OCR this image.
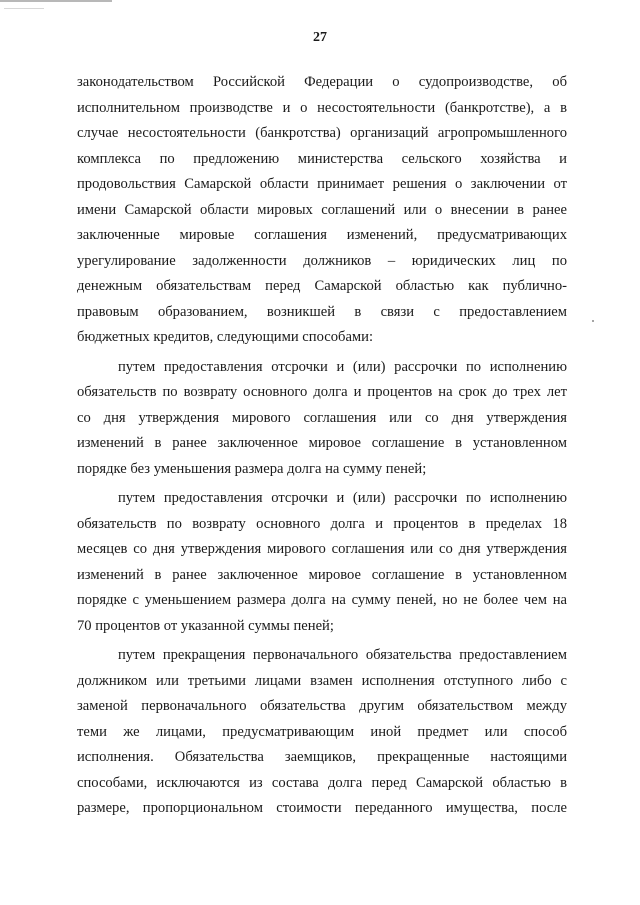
27
законодательством Российской Федерации о судопроизводстве, об
исполнительном производстве и о несостоятельности (банкротстве), а в
случае несостоятельности (банкротства) организаций агропромышленного
комплекса по предложению министерства сельского хозяйства и
продовольствия Самарской области принимает решения о заключении от
имени Самарской области мировых соглашений или о внесении в ранее
заключенные мировые соглашения изменений, предусматривающих
урегулирование задолженности должников – юридических лиц по
денежным обязательствам перед Самарской областью как публично-
правовым образованием, возникшей в связи с предоставлением
бюджетных кредитов, следующими способами:
путем предоставления отсрочки и (или) рассрочки по исполнению
обязательств по возврату основного долга и процентов на срок до трех лет
со дня утверждения мирового соглашения или со дня утверждения
изменений в ранее заключенное мировое соглашение в установленном
порядке без уменьшения размера долга на сумму пеней;
путем предоставления отсрочки и (или) рассрочки по исполнению
обязательств по возврату основного долга и процентов в пределах 18
месяцев со дня утверждения мирового соглашения или со дня утверждения
изменений в ранее заключенное мировое соглашение в установленном
порядке с уменьшением размера долга на сумму пеней, но не более чем на
70 процентов от указанной суммы пеней;
путем прекращения первоначального обязательства предоставлением
должником или третьими лицами взамен исполнения отступного либо с
заменой первоначального обязательства другим обязательством между
теми же лицами, предусматривающим иной предмет или способ
исполнения. Обязательства заемщиков, прекращенные настоящими
способами, исключаются из состава долга перед Самарской областью в
размере, пропорциональном стоимости переданного имущества, после
